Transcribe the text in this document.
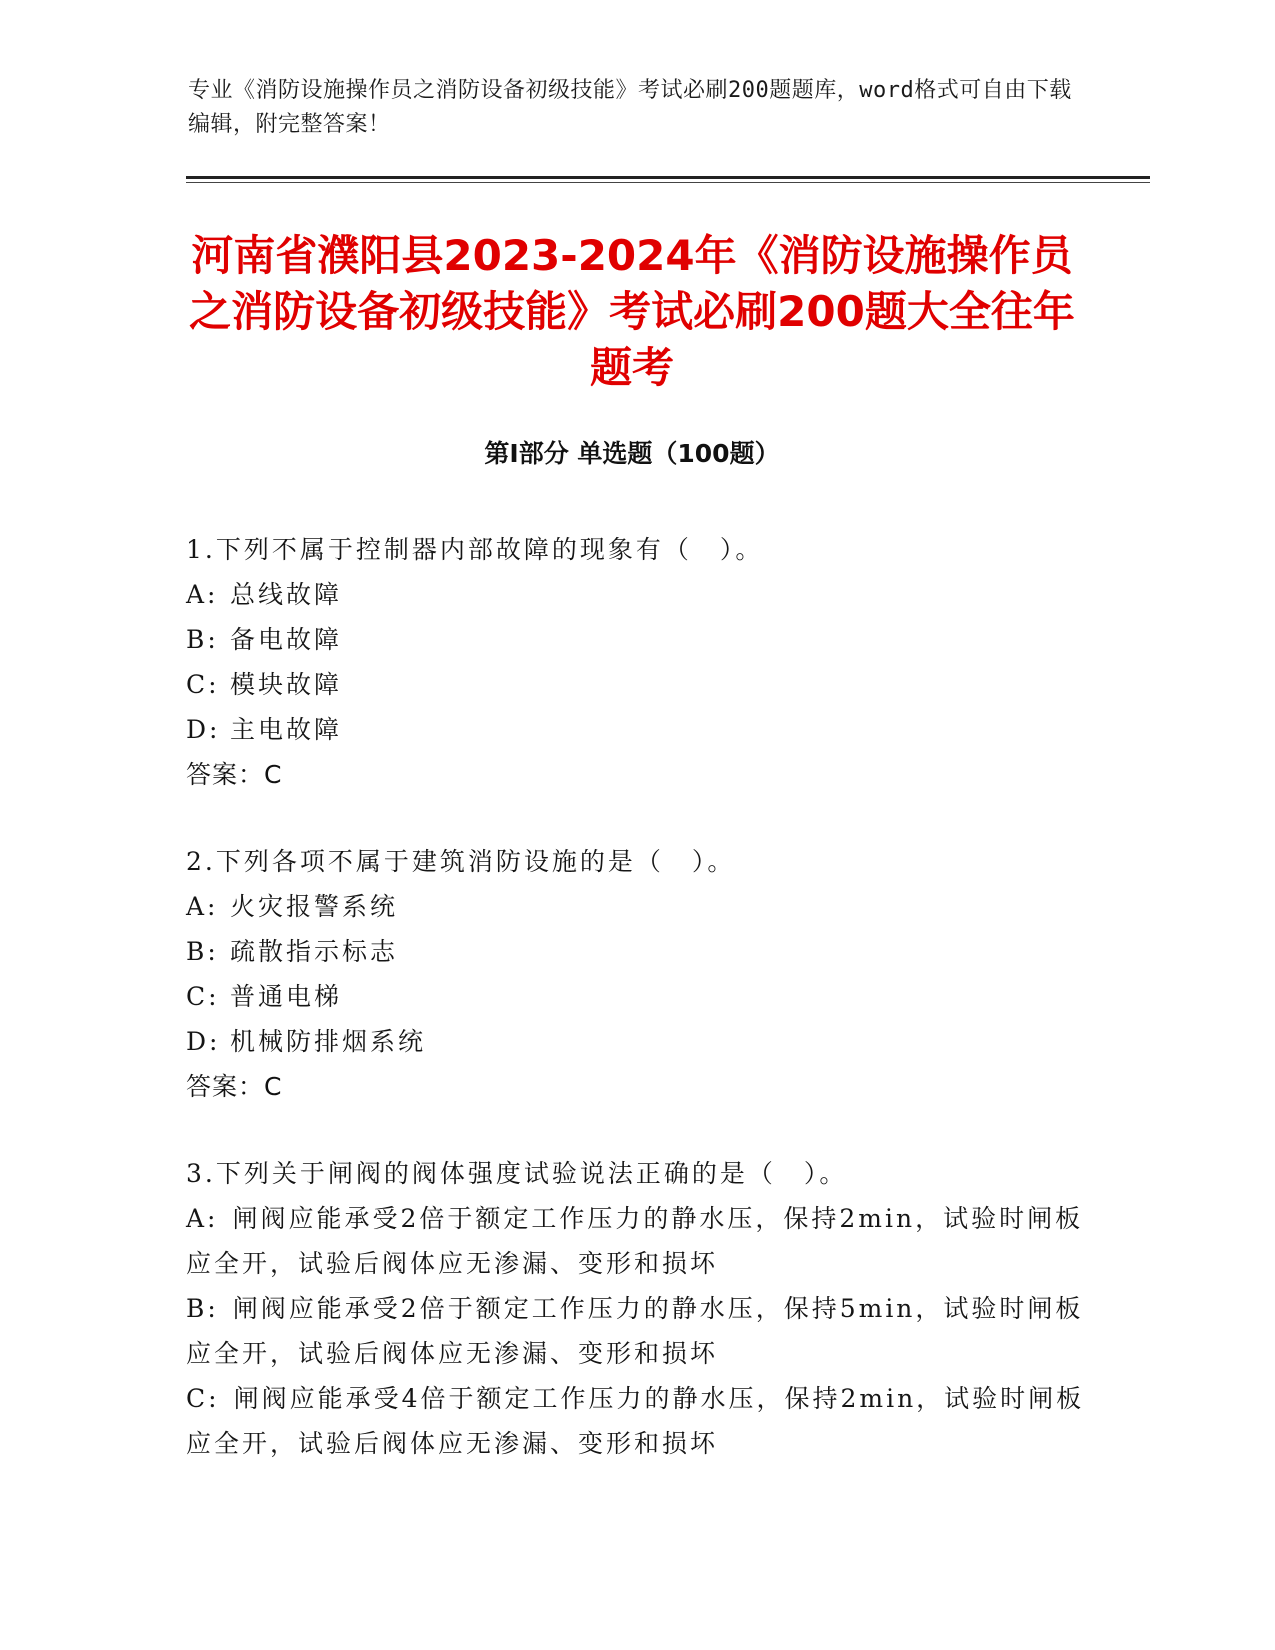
专业《消防设施操作员之消防设备初级技能》考试必刷200题题库，word格式可自由下载编辑，附完整答案！
河南省濮阳县2023-2024年《消防设施操作员之消防设备初级技能》考试必刷200题大全往年题考
第Ⅰ部分 单选题（100题）
1.下列不属于控制器内部故障的现象有（　）。
A: 总线故障
B: 备电故障
C: 模块故障
D: 主电故障
答案：C
2.下列各项不属于建筑消防设施的是（　）。
A: 火灾报警系统
B: 疏散指示标志
C: 普通电梯
D: 机械防排烟系统
答案：C
3.下列关于闸阀的阀体强度试验说法正确的是（　）。
A: 闸阀应能承受2倍于额定工作压力的静水压，保持2min，试验时闸板应全开，试验后阀体应无渗漏、变形和损坏
B: 闸阀应能承受2倍于额定工作压力的静水压，保持5min，试验时闸板应全开，试验后阀体应无渗漏、变形和损坏
C: 闸阀应能承受4倍于额定工作压力的静水压，保持2min，试验时闸板应全开，试验后阀体应无渗漏、变形和损坏
